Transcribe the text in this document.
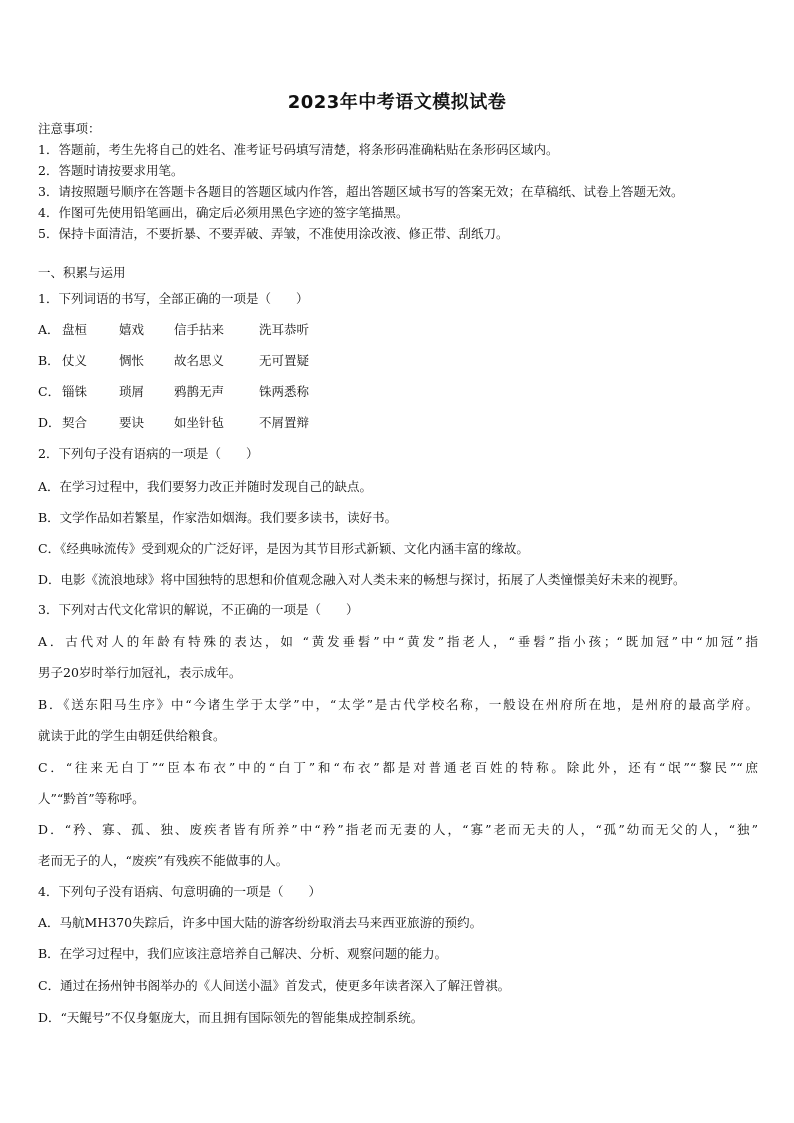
2023年中考语文模拟试卷
注意事项：
1．答题前，考生先将自己的姓名、准考证号码填写清楚，将条形码准确粘贴在条形码区域内。
2．答题时请按要求用笔。
3．请按照题号顺序在答题卡各题目的答题区域内作答，超出答题区域书写的答案无效；在草稿纸、试卷上答题无效。
4．作图可先使用铅笔画出，确定后必须用黑色字迹的签字笔描黑。
5．保持卡面清洁，不要折暴、不要弄破、弄皱，不准使用涂改液、修正带、刮纸刀。
一、积累与运用
1．下列词语的书写，全部正确的一项是（　　）
A． 盘桓	嬉戏 信手拈来	洗耳恭听
B． 仗义	惆怅 故名思义	无可置疑
C． 锱铢	琐屑 鸦鹊无声	铢两悉称
D． 契合	要诀 如坐针毡	不屑置辩
2．下列句子没有语病的一项是（　　）
A．在学习过程中，我们要努力改正并随时发现自己的缺点。
B．文学作品如若繁星，作家浩如烟海。我们要多读书，读好书。
C．《经典咏流传》受到观众的广泛好评，是因为其节目形式新颖、文化内涵丰富的缘故。
D．电影《流浪地球》将中国独特的思想和价值观念融入对人类未来的畅想与探讨，拓展了人类憧憬美好未来的视野。
3．下列对古代文化常识的解说，不正确的一项是（　　）
A．古代对人的年龄有特殊的表达，如 “黄发垂髫”中“黄发”指老人，“垂髫”指小孩；“既加冠”中“加冠”指
男子20岁时举行加冠礼，表示成年。
B．《送东阳马生序》中“今诸生学于太学”中，“太学”是古代学校名称，一般设在州府所在地，是州府的最高学府。
就读于此的学生由朝廷供给粮食。
C．“往来无白丁”“臣本布衣”中的“白丁”和“布衣”都是对普通老百姓的特称。除此外，还有“氓”“黎民”“庶
人”“黔首”等称呼。
D．“矜、寡、孤、独、废疾者皆有所养”中“矜”指老而无妻的人，“寡”老而无夫的人，“孤”幼而无父的人，“独”
老而无子的人，“废疾”有残疾不能做事的人。
4．下列句子没有语病、句意明确的一项是（　　）
A．马航MH370失踪后，许多中国大陆的游客纷纷取消去马来西亚旅游的预约。
B．在学习过程中，我们应该注意培养自己解决、分析、观察问题的能力。
C．通过在扬州钟书阁举办的《人间送小温》首发式，使更多年读者深入了解汪曾祺。
D．“天鲲号”不仅身躯庞大，而且拥有国际领先的智能集成控制系统。
